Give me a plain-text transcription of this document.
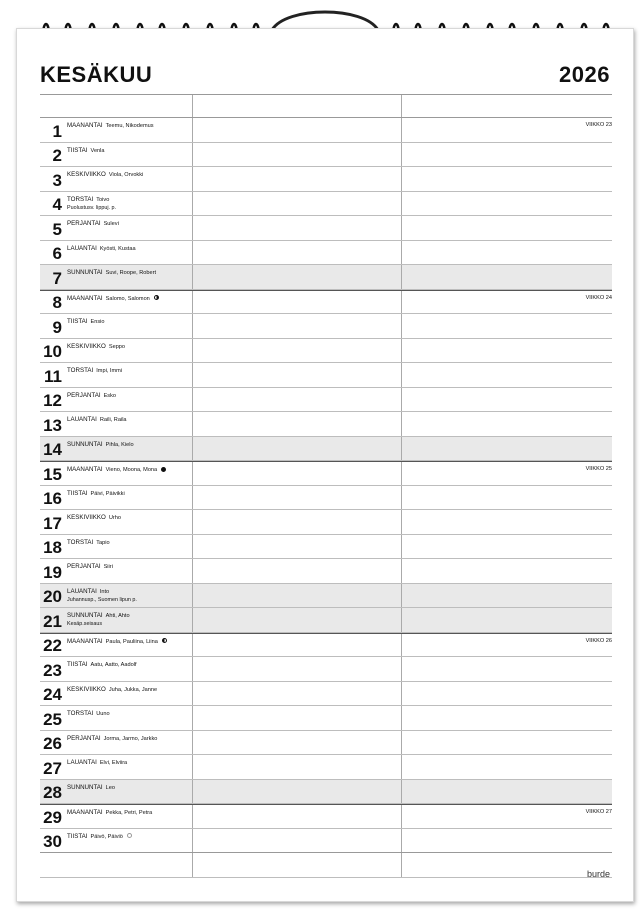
KESÄKUU	2026
1 MAANANTAI Teemu, Nikodemus	VIIKKO 23
2 TIISTAI Venla
3 KESKIVIIKKO Viola, Orvokki
4 TORSTAI Toivo
Puolustusv. lippuj. p.
5 PERJANTAI Sulevi
6 LAUANTAI Kyösti, Kustaa
7 SUNNUNTAI Suvi, Roope, Robert
8 MAANANTAI Salomo, Salomon	VIIKKO 24
9 TIISTAI Ensio
10 KESKIVIIKKO Seppo
11 TORSTAI Impi, Immi
12 PERJANTAI Esko
13 LAUANTAI Raili, Raila
14 SUNNUNTAI Pihla, Kielo
15 MAANANTAI Vieno, Moona, Mona	VIIKKO 25
16 TIISTAI Päivi, Päivikki
17 KESKIVIIKKO Urho
18 TORSTAI Tapio
19 PERJANTAI Siiri
20 LAUANTAI Into
Juhannusp., Suomen lipun p.
21 SUNNUNTAI Ahti, Ahto
Kesäp.seisaus
22 MAANANTAI Paula, Pauliina, Liina	VIIKKO 26
23 TIISTAI Aatu, Aatto, Aadolf
24 KESKIVIIKKO Juha, Jukka, Janne
25 TORSTAI Uuno
26 PERJANTAI Jorma, Jarmo, Jarkko
27 LAUANTAI Elvi, Elviira
28 SUNNUNTAI Leo
29 MAANANTAI Pekka, Petri, Petra	VIIKKO 27
30 TIISTAI Päivö, Päiviö
burde
